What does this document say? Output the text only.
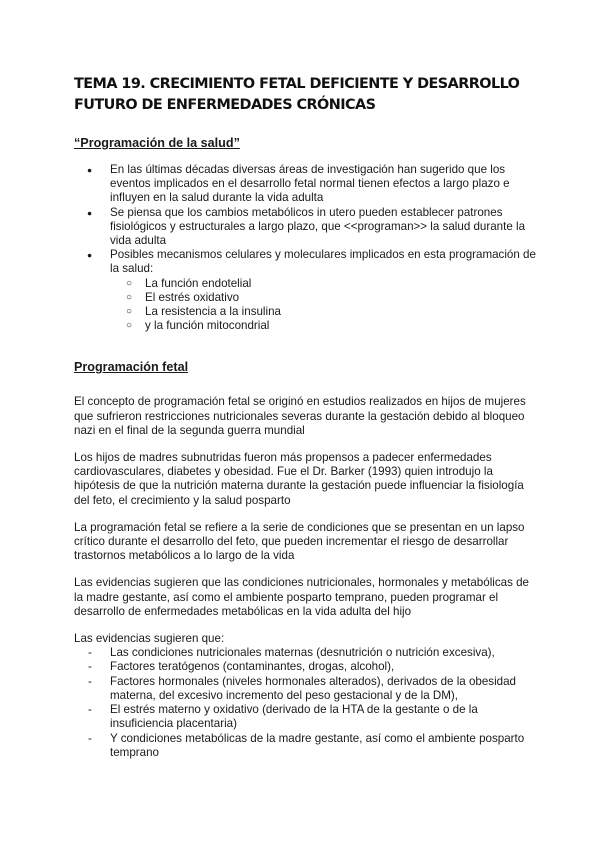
TEMA 19. CRECIMIENTO FETAL DEFICIENTE Y DESARROLLO FUTURO DE ENFERMEDADES CRÓNICAS
“Programación de la salud”
● En las últimas décadas diversas áreas de investigación han sugerido que los eventos implicados en el desarrollo fetal normal tienen efectos a largo plazo e influyen en la salud durante la vida adulta
● Se piensa que los cambios metabólicos in utero pueden establecer patrones fisiológicos y estructurales a largo plazo, que <<programan>> la salud durante la vida adulta
● Posibles mecanismos celulares y moleculares implicados en esta programación de la salud:
○ La función endotelial
○ El estrés oxidativo
○ La resistencia a la insulina
○ y la función mitocondrial
Programación fetal

El concepto de programación fetal se originó en estudios realizados en hijos de mujeres que sufrieron restricciones nutricionales severas durante la gestación debido al bloqueo nazi en el final de la segunda guerra mundial

Los hijos de madres subnutridas fueron más propensos a padecer enfermedades cardiovasculares, diabetes y obesidad. Fue el Dr. Barker (1993) quien introdujo la hipótesis de que la nutrición materna durante la gestación puede influenciar la fisiología del feto, el crecimiento y la salud posparto

La programación fetal se refiere a la serie de condiciones que se presentan en un lapso crítico durante el desarrollo del feto, que pueden incrementar el riesgo de desarrollar trastornos metabólicos a lo largo de la vida

Las evidencias sugieren que las condiciones nutricionales, hormonales y metabólicas de la madre gestante, así como el ambiente posparto temprano, pueden programar el desarrollo de enfermedades metabólicas en la vida adulta del hijo

Las evidencias sugieren que:

- Las condiciones nutricionales maternas (desnutrición o nutrición excesiva),
- Factores teratógenos (contaminantes, drogas, alcohol),
- Factores hormonales (niveles hormonales alterados), derivados de la obesidad materna, del excesivo incremento del peso gestacional y de la DM),
- El estrés materno y oxidativo (derivado de la HTA de la gestante o de la insuficiencia placentaria)
- Y condiciones metabólicas de la madre gestante, así como el ambiente posparto temprano
